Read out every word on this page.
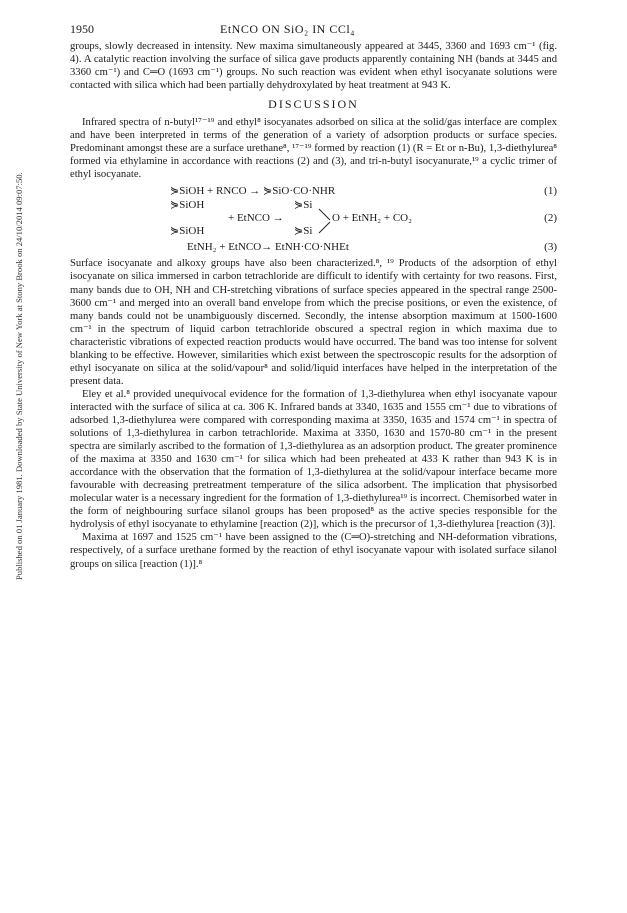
Published on 01 January 1981. Downloaded by State University of New York at Stony Brook on 24/10/2014 09:07:50.
1950	EtNCO ON SiO₂ IN CCl₄

groups, slowly decreased in intensity. New maxima simultaneously appeared at 3445, 3360 and 1693 cm⁻¹ (fig. 4). A catalytic reaction involving the surface of silica gave products apparently containing NH (bands at 3445 and 3360 cm⁻¹) and C═O (1693 cm⁻¹) groups. No such reaction was evident when ethyl isocyanate solutions were contacted with silica which had been partially dehydroxylated by heat treatment at 943 K.

DISCUSSION

Infrared spectra of n-butyl¹⁷⁻¹⁹ and ethyl⁸ isocyanates adsorbed on silica at the solid/gas interface are complex and have been interpreted in terms of the generation of a variety of adsorption products or surface species. Predominant amongst these are a surface urethane⁸, ¹⁷⁻¹⁹ formed by reaction (1) (R = Et or n-Bu), 1,3-diethylurea⁸ formed via ethylamine in accordance with reactions (2) and (3), and tri-n-butyl isocyanurate,¹⁹ a cyclic trimer of ethyl isocyanate.

⋟SiOH + RNCO → ⋟SiO·CO·NHR	(1)
⋟SiOH
⋟SiOH
+ EtNCO →
⋟Si
⋟Si
O + EtNH₂ + CO₂	(2)
EtNH₂ + EtNCO→ EtNH·CO·NHEt	(3)

Surface isocyanate and alkoxy groups have also been characterized.⁸, ¹⁹ Products of the adsorption of ethyl isocyanate on silica immersed in carbon tetrachloride are difficult to identify with certainty for two reasons. First, many bands due to OH, NH and CH-stretching vibrations of surface species appeared in the spectral range 2500-3600 cm⁻¹ and merged into an overall band envelope from which the precise positions, or even the existence, of many bands could not be unambiguously discerned. Secondly, the intense absorption maximum at 1500-1600 cm⁻¹ in the spectrum of liquid carbon tetrachloride obscured a spectral region in which maxima due to characteristic vibrations of expected reaction products would have occurred. The band was too intense for solvent blanking to be effective. However, similarities which exist between the spectroscopic results for the adsorption of ethyl isocyanate on silica at the solid/vapour⁸ and solid/liquid interfaces have helped in the interpretation of the present data.

Eley et al.⁸ provided unequivocal evidence for the formation of 1,3-diethylurea when ethyl isocyanate vapour interacted with the surface of silica at ca. 306 K. Infrared bands at 3340, 1635 and 1555 cm⁻¹ due to vibrations of adsorbed 1,3-diethylurea were compared with corresponding maxima at 3350, 1635 and 1574 cm⁻¹ in spectra of solutions of 1,3-diethylurea in carbon tetrachloride. Maxima at 3350, 1630 and 1570-80 cm⁻¹ in the present spectra are similarly ascribed to the formation of 1,3-diethylurea as an adsorption product. The greater prominence of the maxima at 3350 and 1630 cm⁻¹ for silica which had been preheated at 433 K rather than 943 K is in accordance with the observation that the formation of 1,3-diethylurea at the solid/vapour interface became more favourable with decreasing pretreatment temperature of the silica adsorbent. The implication that physisorbed molecular water is a necessary ingredient for the formation of 1,3-diethylurea¹⁹ is incorrect. Chemisorbed water in the form of neighbouring surface silanol groups has been proposed⁸ as the active species responsible for the hydrolysis of ethyl isocyanate to ethylamine [reaction (2)], which is the precursor of 1,3-diethylurea [reaction (3)].

Maxima at 1697 and 1525 cm⁻¹ have been assigned to the (C═O)-stretching and NH-deformation vibrations, respectively, of a surface urethane formed by the reaction of ethyl isocyanate vapour with isolated surface silanol groups on silica [reaction (1)].⁸
